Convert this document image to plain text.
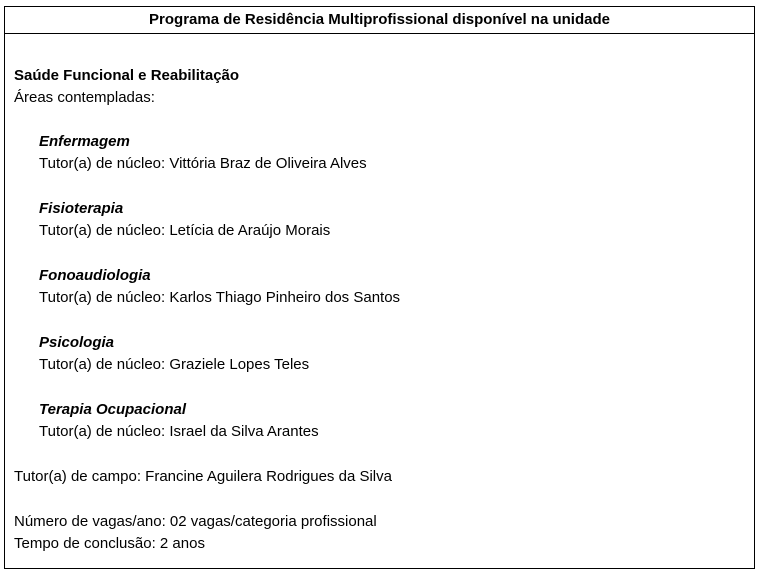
Programa de Residência Multiprofissional disponível na unidade
Saúde Funcional e Reabilitação
Áreas contempladas:
Enfermagem
Tutor(a) de núcleo: Vittória Braz de Oliveira Alves
Fisioterapia
Tutor(a) de núcleo: Letícia de Araújo Morais
Fonoaudiologia
Tutor(a) de núcleo: Karlos Thiago Pinheiro dos Santos
Psicologia
Tutor(a) de núcleo: Graziele Lopes Teles
Terapia Ocupacional
Tutor(a) de núcleo: Israel da Silva Arantes
Tutor(a) de campo: Francine Aguilera Rodrigues da Silva
Número de vagas/ano: 02 vagas/categoria profissional
Tempo de conclusão: 2 anos
